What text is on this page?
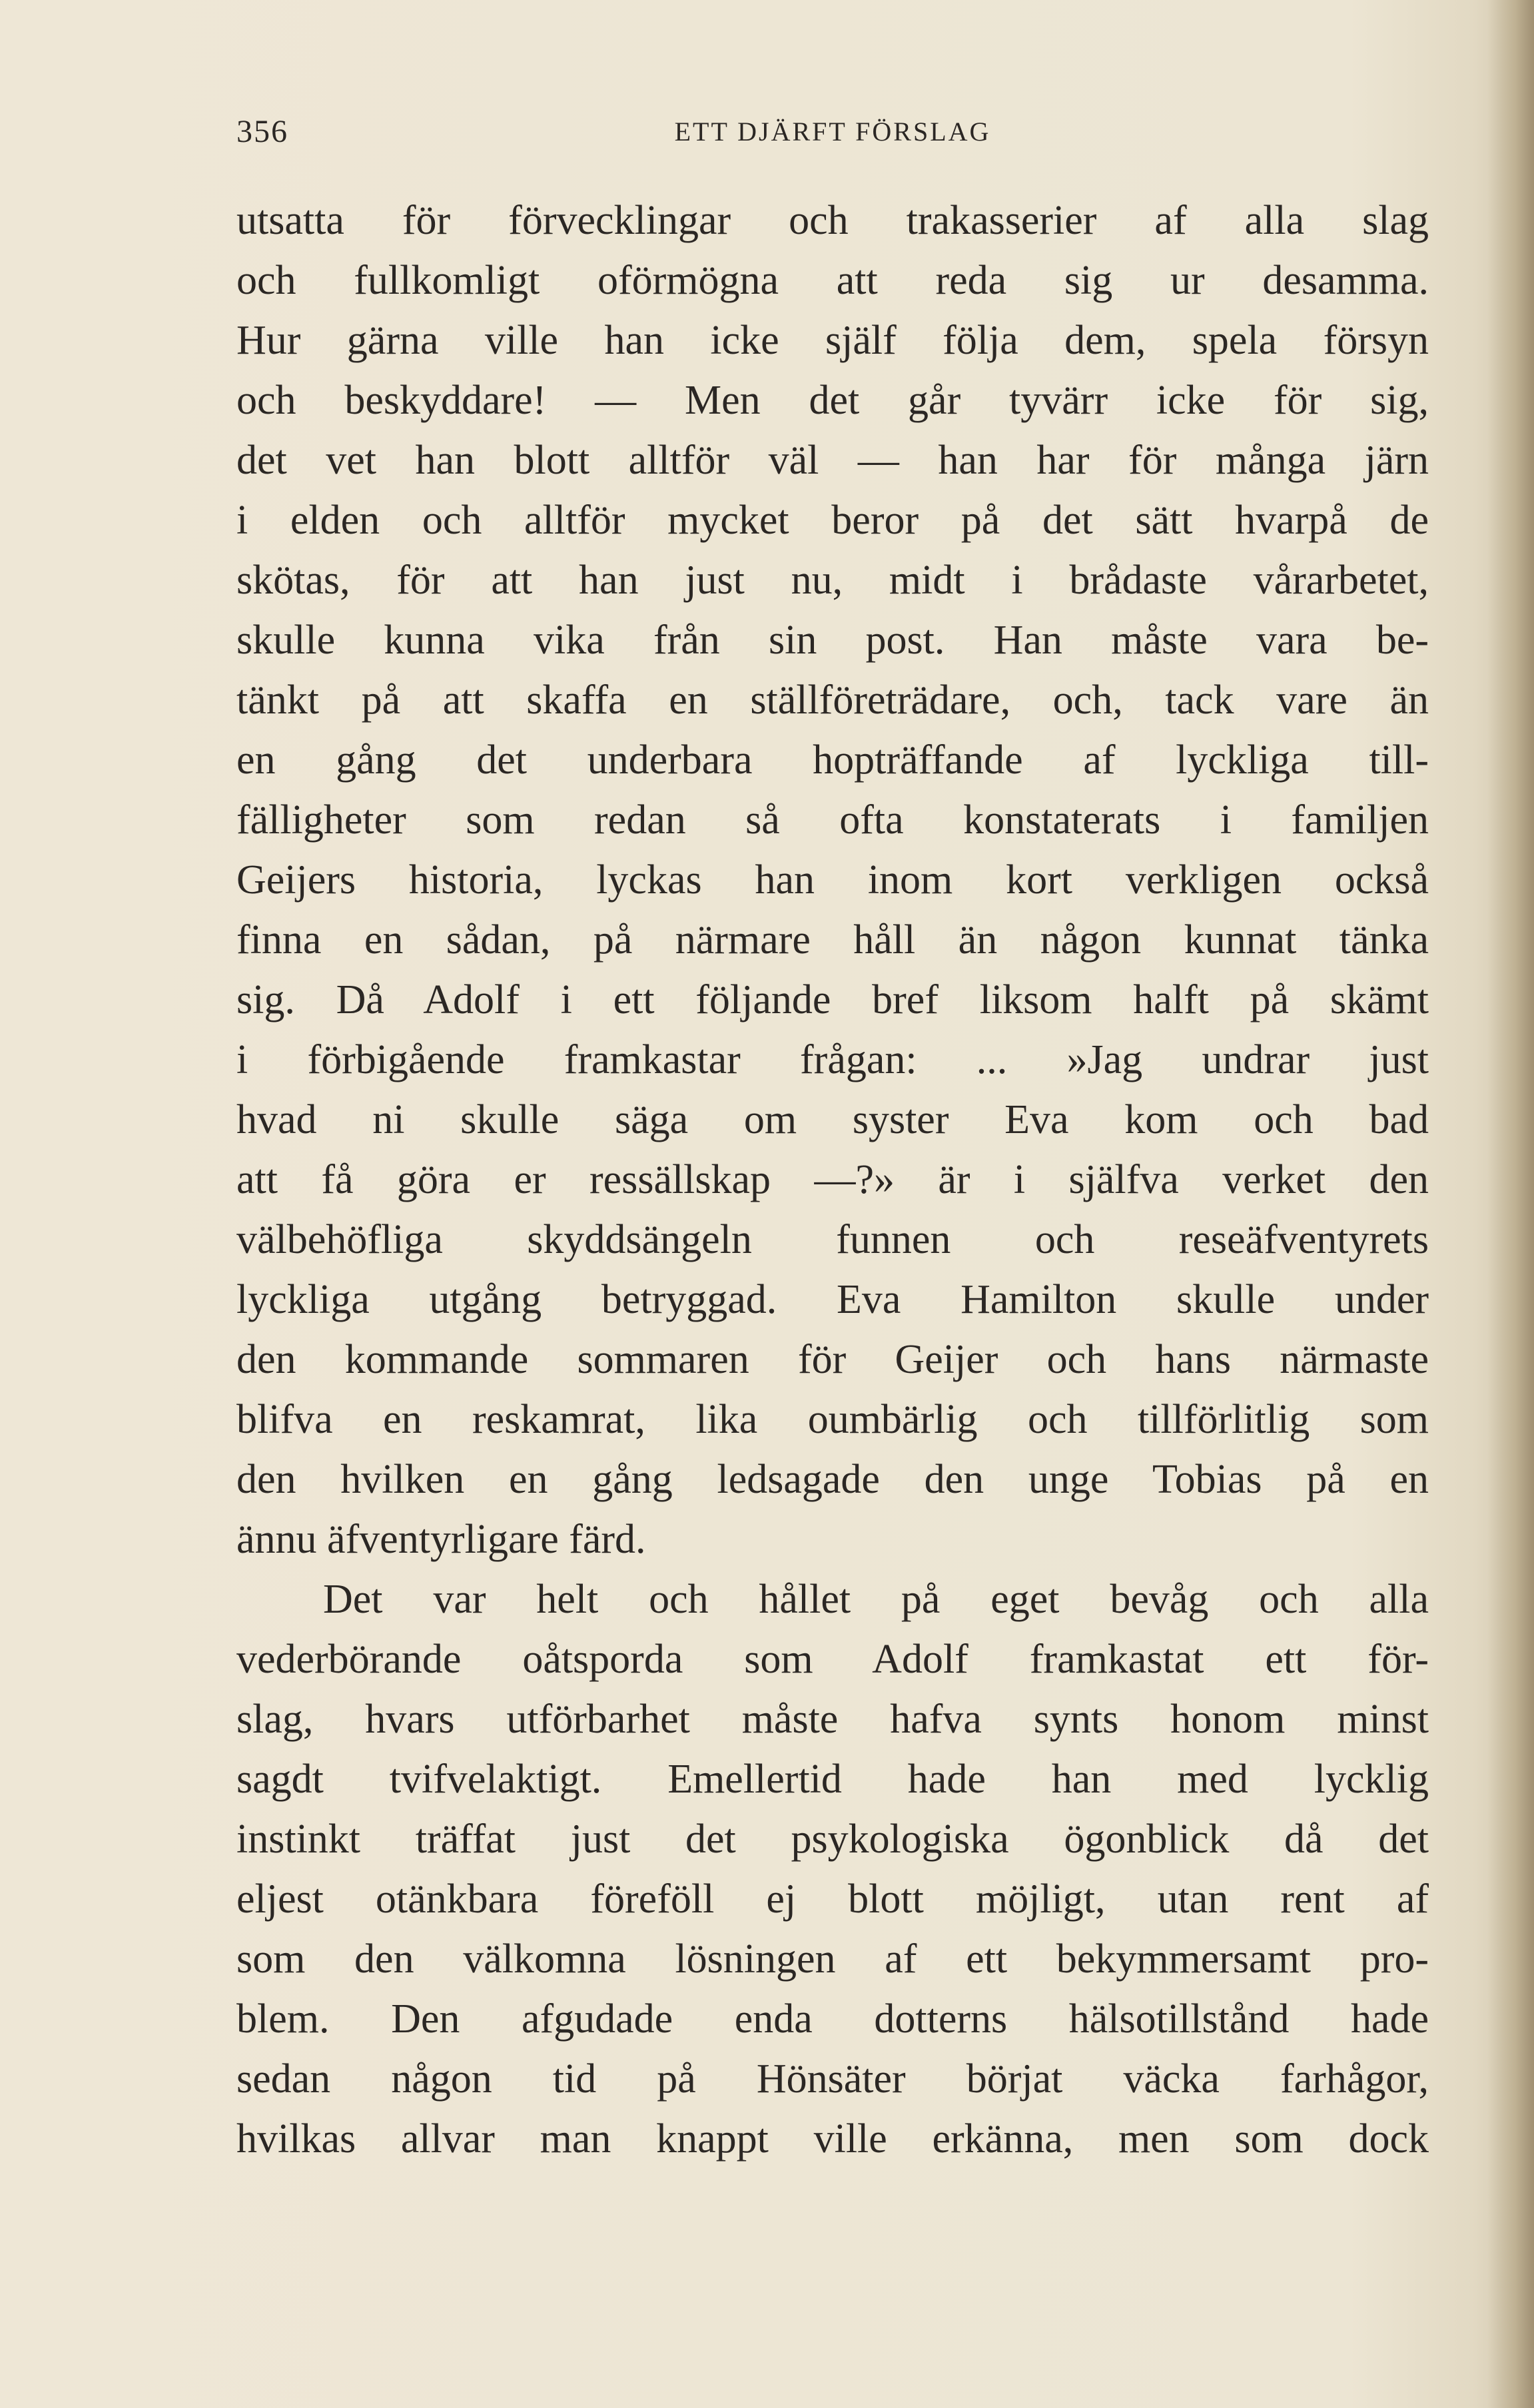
356	ETT DJÄRFT FÖRSLAG
utsatta för förvecklingar och trakasserier af alla slag
och fullkomligt oförmögna att reda sig ur desamma.
Hur gärna ville han icke själf följa dem, spela försyn
och beskyddare! — Men det går tyvärr icke för sig,
det vet han blott alltför väl — han har för många järn
i elden och alltför mycket beror på det sätt hvarpå de
skötas, för att han just nu, midt i brådaste vårarbetet,
skulle kunna vika från sin post. Han måste vara be-
tänkt på att skaffa en ställföreträdare, och, tack vare än
en gång det underbara hopträffande af lyckliga till-
fälligheter som redan så ofta konstaterats i familjen
Geijers historia, lyckas han inom kort verkligen också
finna en sådan, på närmare håll än någon kunnat tänka
sig. Då Adolf i ett följande bref liksom halft på skämt
i förbigående framkastar frågan: ... »Jag undrar just
hvad ni skulle säga om syster Eva kom och bad
att få göra er ressällskap —?» är i själfva verket den
välbehöfliga skyddsängeln funnen och reseäfventyrets
lyckliga utgång betryggad. Eva Hamilton skulle under
den kommande sommaren för Geijer och hans närmaste
blifva en reskamrat, lika oumbärlig och tillförlitlig som
den hvilken en gång ledsagade den unge Tobias på en
ännu äfventyrligare färd.
Det var helt och hållet på eget bevåg och alla
vederbörande oåtsporda som Adolf framkastat ett för-
slag, hvars utförbarhet måste hafva synts honom minst
sagdt tvifvelaktigt. Emellertid hade han med lycklig
instinkt träffat just det psykologiska ögonblick då det
eljest otänkbara föreföll ej blott möjligt, utan rent af
som den välkomna lösningen af ett bekymmersamt pro-
blem. Den afgudade enda dotterns hälsotillstånd hade
sedan någon tid på Hönsäter börjat väcka farhågor,
hvilkas allvar man knappt ville erkänna, men som dock
